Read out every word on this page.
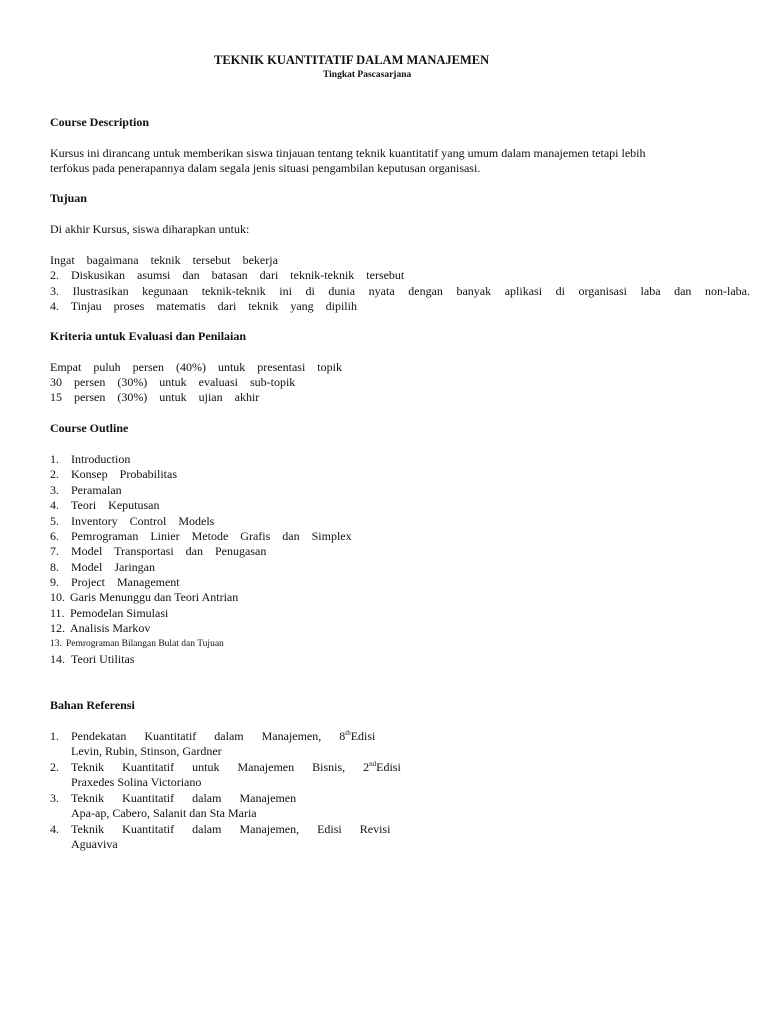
TEKNIK KUANTITATIF DALAM MANAJEMEN
Tingkat Pascasarjana
Course Description
Kursus ini dirancang untuk memberikan siswa tinjauan tentang teknik kuantitatif yang umum dalam manajemen tetapi lebih
terfokus pada penerapannya dalam segala jenis situasi pengambilan keputusan organisasi.
Tujuan
Di akhir Kursus, siswa diharapkan untuk:
Ingat bagaimana teknik tersebut bekerja
2. Diskusikan asumsi dan batasan dari teknik-teknik tersebut
3. Ilustrasikan kegunaan teknik-teknik ini di dunia nyata dengan banyak aplikasi di organisasi laba dan non-laba.
4. Tinjau proses matematis dari teknik yang dipilih
Kriteria untuk Evaluasi dan Penilaian
Empat puluh persen (40%) untuk presentasi topik
30 persen (30%) untuk evaluasi sub-topik
15 persen (30%) untuk ujian akhir
Course Outline
1. Introduction
2. Konsep Probabilitas
3. Peramalan
4. Teori Keputusan
5. Inventory Control Models
6. Pemrograman Linier Metode Grafis dan Simplex
7. Model Transportasi dan Penugasan
8. Model Jaringan
9. Project Management
10. Garis Menunggu dan Teori Antrian
11. Pemodelan Simulasi
12. Analisis Markov
13. Pemrograman Bilangan Bulat dan Tujuan
14. Teori Utilitas
Bahan Referensi
1. Pendekatan Kuantitatif dalam Manajemen, 8thEdisi
Levin, Rubin, Stinson, Gardner
2. Teknik Kuantitatif untuk Manajemen Bisnis, 2ndEdisi
Praxedes Solina Victoriano
3. Teknik Kuantitatif dalam Manajemen
Apa-ap, Cabero, Salanit dan Sta Maria
4. Teknik Kuantitatif dalam Manajemen, Edisi Revisi
Aguaviva
